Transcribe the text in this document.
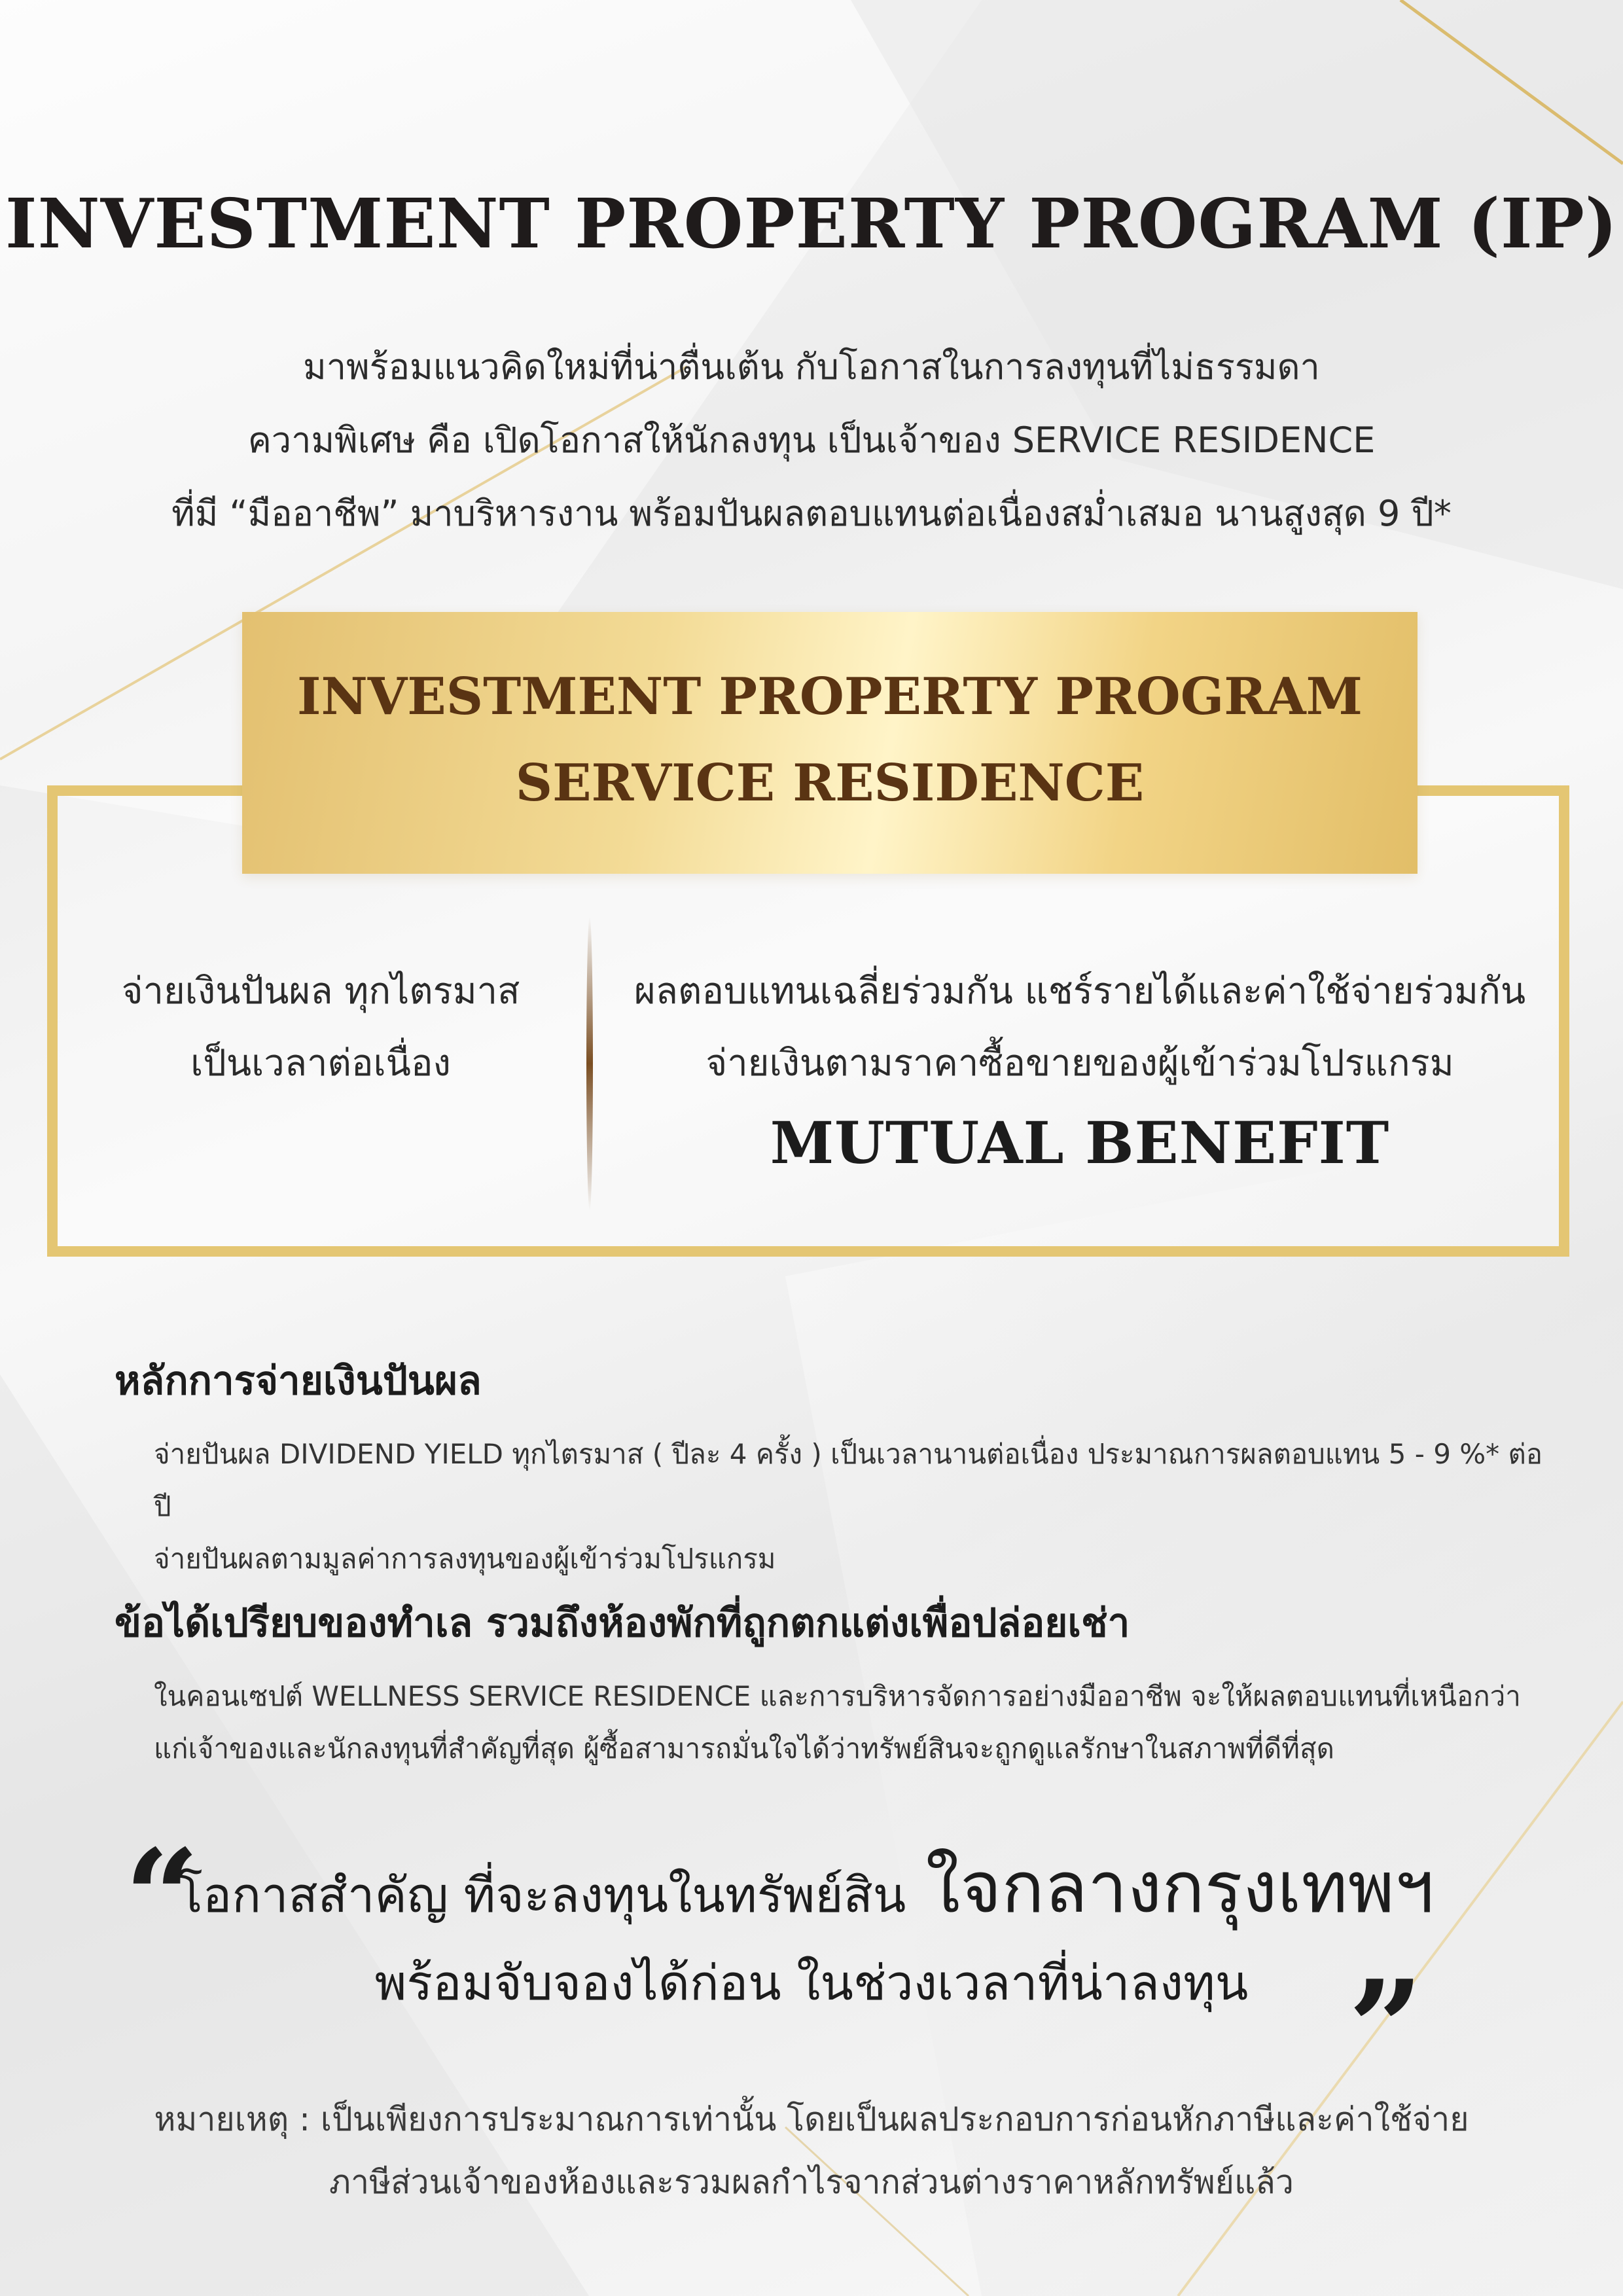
INVESTMENT PROPERTY PROGRAM (IP)
มาพร้อมแนวคิดใหม่ที่น่าตื่นเต้น กับโอกาสในการลงทุนที่ไม่ธรรมดา
ความพิเศษ คือ เปิดโอกาสให้นักลงทุน เป็นเจ้าของ SERVICE RESIDENCE
ที่มี “มืออาชีพ” มาบริหารงาน พร้อมปันผลตอบแทนต่อเนื่องสม่ำเสมอ นานสูงสุด 9 ปี*
INVESTMENT PROPERTY PROGRAM
SERVICE RESIDENCE
จ่ายเงินปันผล ทุกไตรมาส
เป็นเวลาต่อเนื่อง
ผลตอบแทนเฉลี่ยร่วมกัน แชร์รายได้และค่าใช้จ่ายร่วมกัน
จ่ายเงินตามราคาซื้อขายของผู้เข้าร่วมโปรแกรม
MUTUAL BENEFIT
หลักการจ่ายเงินปันผล
จ่ายปันผล DIVIDEND YIELD ทุกไตรมาส ( ปีละ 4 ครั้ง ) เป็นเวลานานต่อเนื่อง ประมาณการผลตอบแทน 5 - 9 %* ต่อปี
จ่ายปันผลตามมูลค่าการลงทุนของผู้เข้าร่วมโปรแกรม
ข้อได้เปรียบของทำเล รวมถึงห้องพักที่ถูกตกแต่งเพื่อปล่อยเช่า
ในคอนเซปต์ WELLNESS SERVICE RESIDENCE และการบริหารจัดการอย่างมืออาชีพ จะให้ผลตอบแทนที่เหนือกว่า
แก่เจ้าของและนักลงทุนที่สำคัญที่สุด ผู้ซื้อสามารถมั่นใจได้ว่าทรัพย์สินจะถูกดูแลรักษาในสภาพที่ดีที่สุด
“
โอกาสสำคัญ ที่จะลงทุนในทรัพย์สิน ใจกลางกรุงเทพฯ
พร้อมจับจองได้ก่อน ในช่วงเวลาที่น่าลงทุน ”
หมายเหตุ : เป็นเพียงการประมาณการเท่านั้น โดยเป็นผลประกอบการก่อนหักภาษีและค่าใช้จ่าย
ภาษีส่วนเจ้าของห้องและรวมผลกำไรจากส่วนต่างราคาหลักทรัพย์แล้ว
